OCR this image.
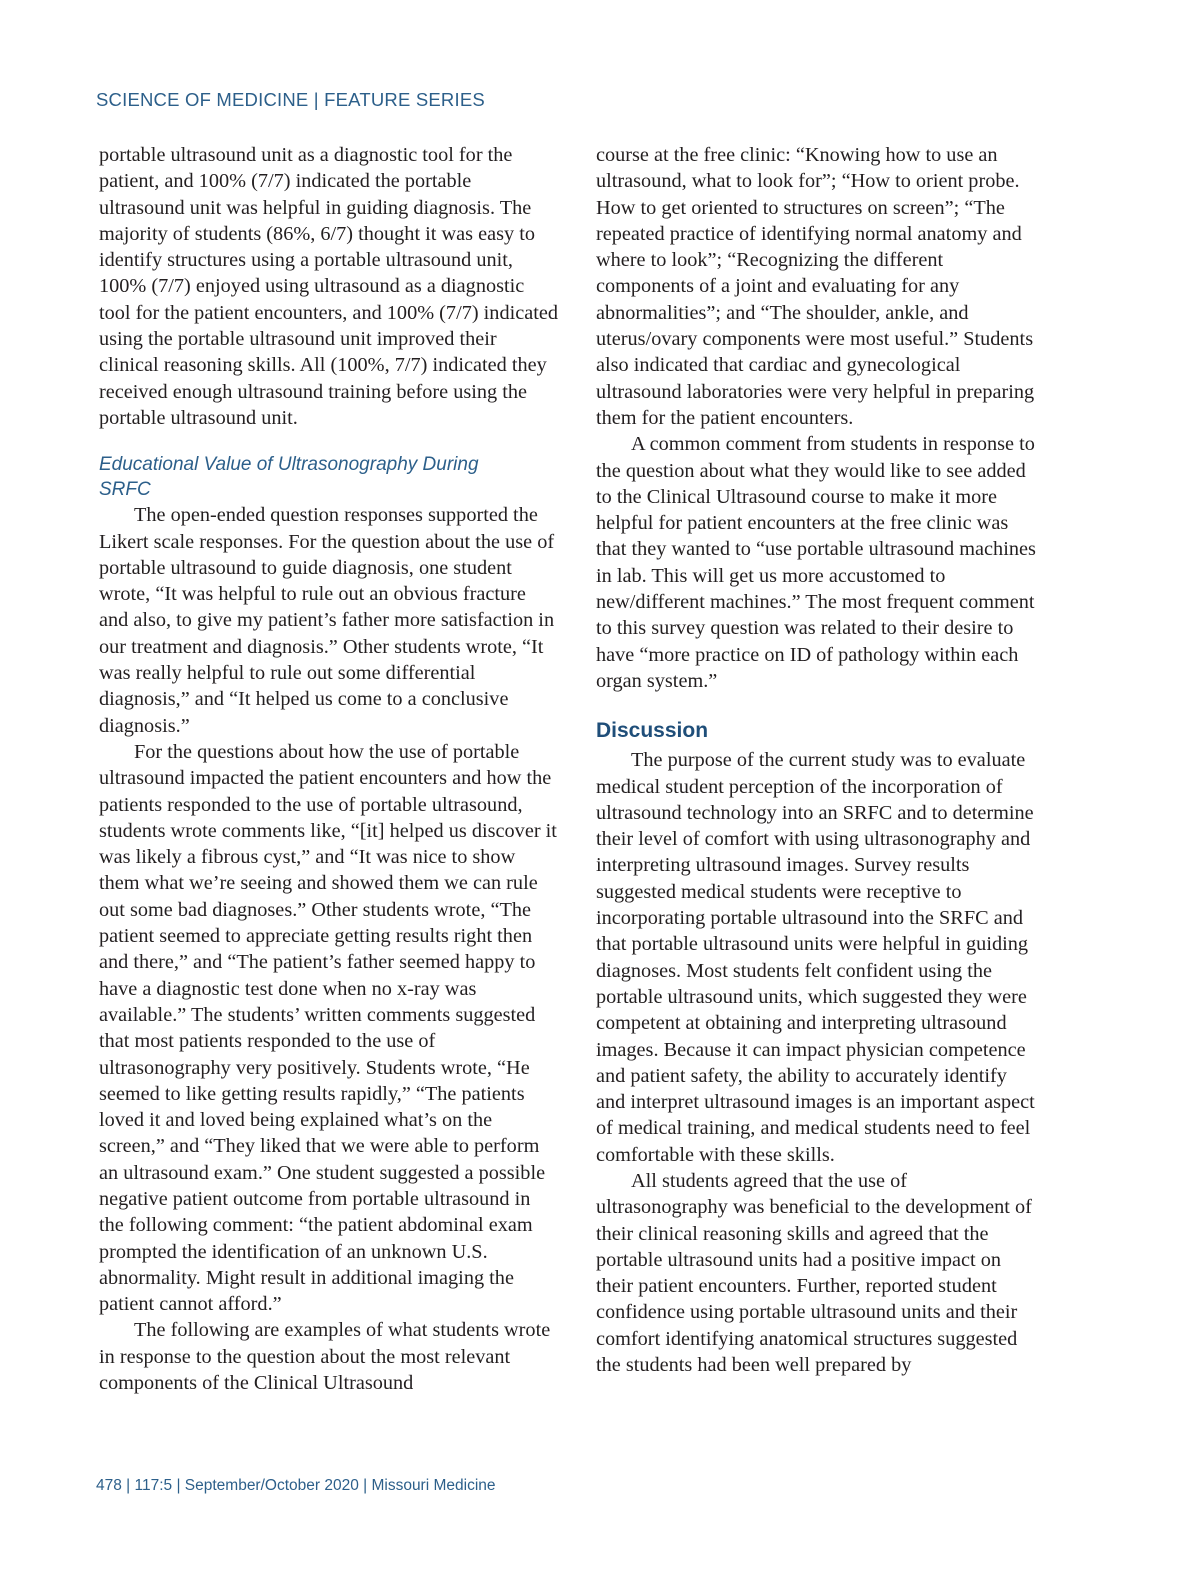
SCIENCE OF MEDICINE | FEATURE SERIES

portable ultrasound unit as a diagnostic tool for the patient, and 100% (7/7) indicated the portable ultrasound unit was helpful in guiding diagnosis. The majority of students (86%, 6/7) thought it was easy to identify structures using a portable ultrasound unit, 100% (7/7) enjoyed using ultrasound as a diagnostic tool for the patient encounters, and 100% (7/7) indicated using the portable ultrasound unit improved their clinical reasoning skills. All (100%, 7/7) indicated they received enough ultrasound training before using the portable ultrasound unit.

Educational Value of Ultrasonography During SRFC

The open-ended question responses supported the Likert scale responses. For the question about the use of portable ultrasound to guide diagnosis, one student wrote, “It was helpful to rule out an obvious fracture and also, to give my patient’s father more satisfaction in our treatment and diagnosis.” Other students wrote, “It was really helpful to rule out some differential diagnosis,” and “It helped us come to a conclusive diagnosis.”

For the questions about how the use of portable ultrasound impacted the patient encounters and how the patients responded to the use of portable ultrasound, students wrote comments like, “[it] helped us discover it was likely a fibrous cyst,” and “It was nice to show them what we’re seeing and showed them we can rule out some bad diagnoses.” Other students wrote, “The patient seemed to appreciate getting results right then and there,” and “The patient’s father seemed happy to have a diagnostic test done when no x-ray was available.” The students’ written comments suggested that most patients responded to the use of ultrasonography very positively. Students wrote, “He seemed to like getting results rapidly,” “The patients loved it and loved being explained what’s on the screen,” and “They liked that we were able to perform an ultrasound exam.” One student suggested a possible negative patient outcome from portable ultrasound in the following comment: “the patient abdominal exam prompted the identification of an unknown U.S. abnormality. Might result in additional imaging the patient cannot afford.”

The following are examples of what students wrote in response to the question about the most relevant components of the Clinical Ultrasound

course at the free clinic: “Knowing how to use an ultrasound, what to look for”; “How to orient probe. How to get oriented to structures on screen”; “The repeated practice of identifying normal anatomy and where to look”; “Recognizing the different components of a joint and evaluating for any abnormalities”; and “The shoulder, ankle, and uterus/ovary components were most useful.” Students also indicated that cardiac and gynecological ultrasound laboratories were very helpful in preparing them for the patient encounters.

A common comment from students in response to the question about what they would like to see added to the Clinical Ultrasound course to make it more helpful for patient encounters at the free clinic was that they wanted to “use portable ultrasound machines in lab. This will get us more accustomed to new/different machines.” The most frequent comment to this survey question was related to their desire to have “more practice on ID of pathology within each organ system.”

Discussion

The purpose of the current study was to evaluate medical student perception of the incorporation of ultrasound technology into an SRFC and to determine their level of comfort with using ultrasonography and interpreting ultrasound images. Survey results suggested medical students were receptive to incorporating portable ultrasound into the SRFC and that portable ultrasound units were helpful in guiding diagnoses. Most students felt confident using the portable ultrasound units, which suggested they were competent at obtaining and interpreting ultrasound images. Because it can impact physician competence and patient safety, the ability to accurately identify and interpret ultrasound images is an important aspect of medical training, and medical students need to feel comfortable with these skills.

All students agreed that the use of ultrasonography was beneficial to the development of their clinical reasoning skills and agreed that the portable ultrasound units had a positive impact on their patient encounters. Further, reported student confidence using portable ultrasound units and their comfort identifying anatomical structures suggested the students had been well prepared by

478 | 117:5 | September/October 2020 | Missouri Medicine
